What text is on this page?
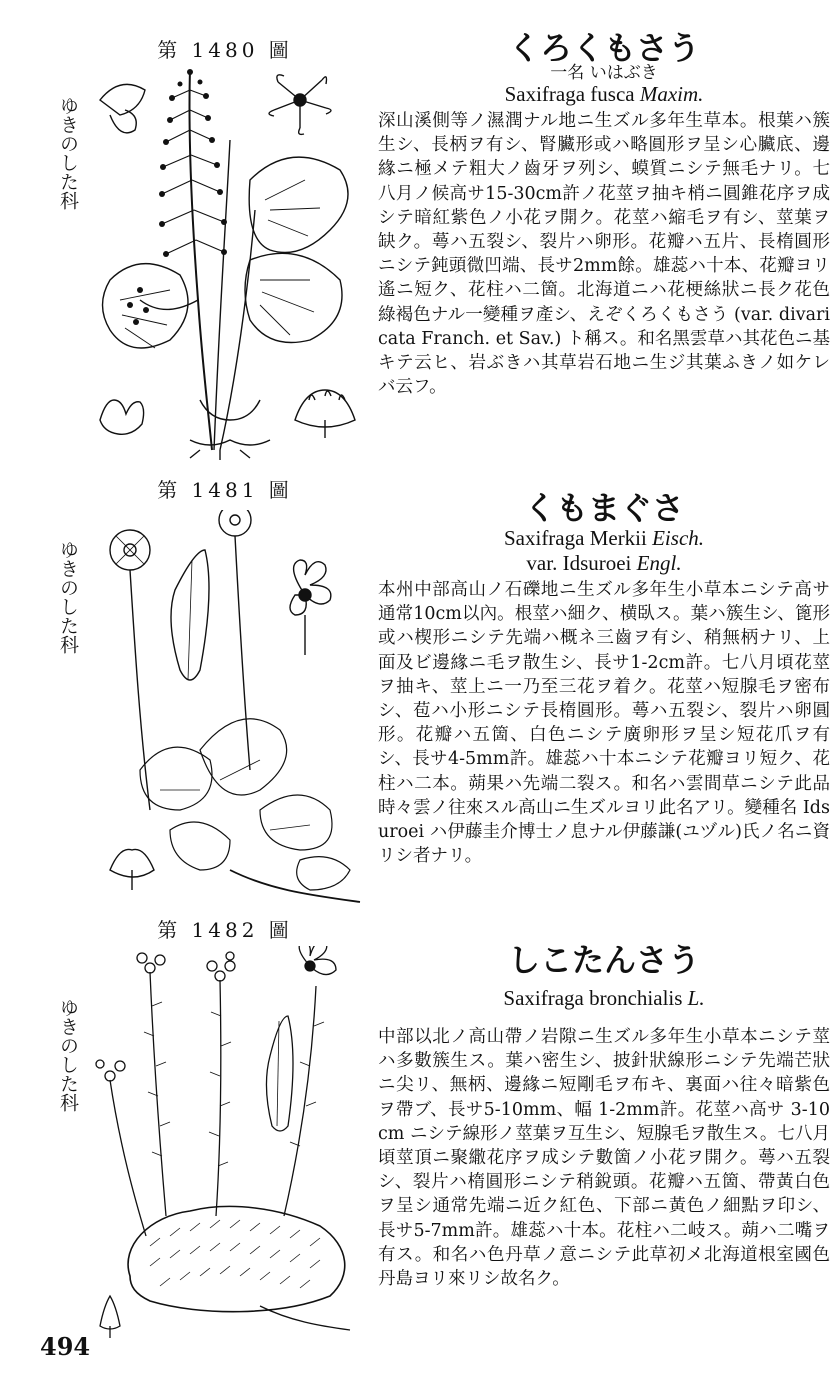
第 1480 圖
ゆきのした科
くろくもさう
一名 いはぶき
Saxifraga fusca Maxim.
深山溪側等ノ濕潤ナル地ニ生ズル多年生草本。根葉ハ簇生シ、長柄ヲ有シ、腎臟形或ハ略圓形ヲ呈シ心臟底、邊緣ニ極メテ粗大ノ齒牙ヲ列シ、蟆質ニシテ無毛ナリ。七八月ノ候高サ15-30cm許ノ花莖ヲ抽キ梢ニ圓錐花序ヲ成シテ暗紅紫色ノ小花ヲ開ク。花莖ハ縮毛ヲ有シ、莖葉ヲ缺ク。蕚ハ五裂シ、裂片ハ卵形。花瓣ハ五片、長楕圓形ニシテ鈍頭微凹端、長サ2mm餘。雄蕊ハ十本、花瓣ヨリ遙ニ短ク、花柱ハ二箇。北海道ニハ花梗絲狀ニ長ク花色綠褐色ナル一變種ヲ產シ、えぞくろくもさう (var. divaricata Franch. et Sav.) ト稱ス。和名黑雲草ハ其花色ニ基キテ云ヒ、岩ぶきハ其草岩石地ニ生ジ其葉ふきノ如ケレバ云フ。
第 1481 圖
ゆきのした科
くもまぐさ
Saxifraga Merkii Eisch.
var. Idsuroei Engl.
本州中部高山ノ石礫地ニ生ズル多年生小草本ニシテ高サ通常10cm以內。根莖ハ細ク、横臥ス。葉ハ簇生シ、篦形或ハ楔形ニシテ先端ハ概ネ三齒ヲ有シ、稍無柄ナリ、上面及ビ邊緣ニ毛ヲ散生シ、長サ1-2cm許。七八月頃花莖ヲ抽キ、莖上ニ一乃至三花ヲ着ク。花莖ハ短腺毛ヲ密布シ、苞ハ小形ニシテ長楕圓形。蕚ハ五裂シ、裂片ハ卵圓形。花瓣ハ五箇、白色ニシテ廣卵形ヲ呈シ短花爪ヲ有シ、長サ4-5mm許。雄蕊ハ十本ニシテ花瓣ヨリ短ク、花柱ハ二本。蒴果ハ先端二裂ス。和名ハ雲間草ニシテ此品時々雲ノ往來スル高山ニ生ズルヨリ此名アリ。變種名 Idsuroei ハ伊藤圭介博士ノ息ナル伊藤謙(ユヅル)氏ノ名ニ資リシ者ナリ。
第 1482 圖
ゆきのした科
しこたんさう
Saxifraga bronchialis L.
中部以北ノ高山帶ノ岩隙ニ生ズル多年生小草本ニシテ莖ハ多數簇生ス。葉ハ密生シ、披針狀線形ニシテ先端芒狀ニ尖リ、無柄、邊緣ニ短剛毛ヲ布キ、裏面ハ往々暗紫色ヲ帶ブ、長サ5-10mm、幅 1-2mm許。花莖ハ高サ 3-10cm ニシテ線形ノ莖葉ヲ互生シ、短腺毛ヲ散生ス。七八月頃莖頂ニ聚繖花序ヲ成シテ數箇ノ小花ヲ開ク。蕚ハ五裂シ、裂片ハ楕圓形ニシテ稍銳頭。花瓣ハ五箇、帶黃白色ヲ呈シ通常先端ニ近ク紅色、下部ニ黃色ノ細點ヲ印シ、長サ5-7mm許。雄蕊ハ十本。花柱ハ二岐ス。蒴ハ二嘴ヲ有ス。和名ハ色丹草ノ意ニシテ此草初メ北海道根室國色丹島ヨリ來リシ故名ク。
494
